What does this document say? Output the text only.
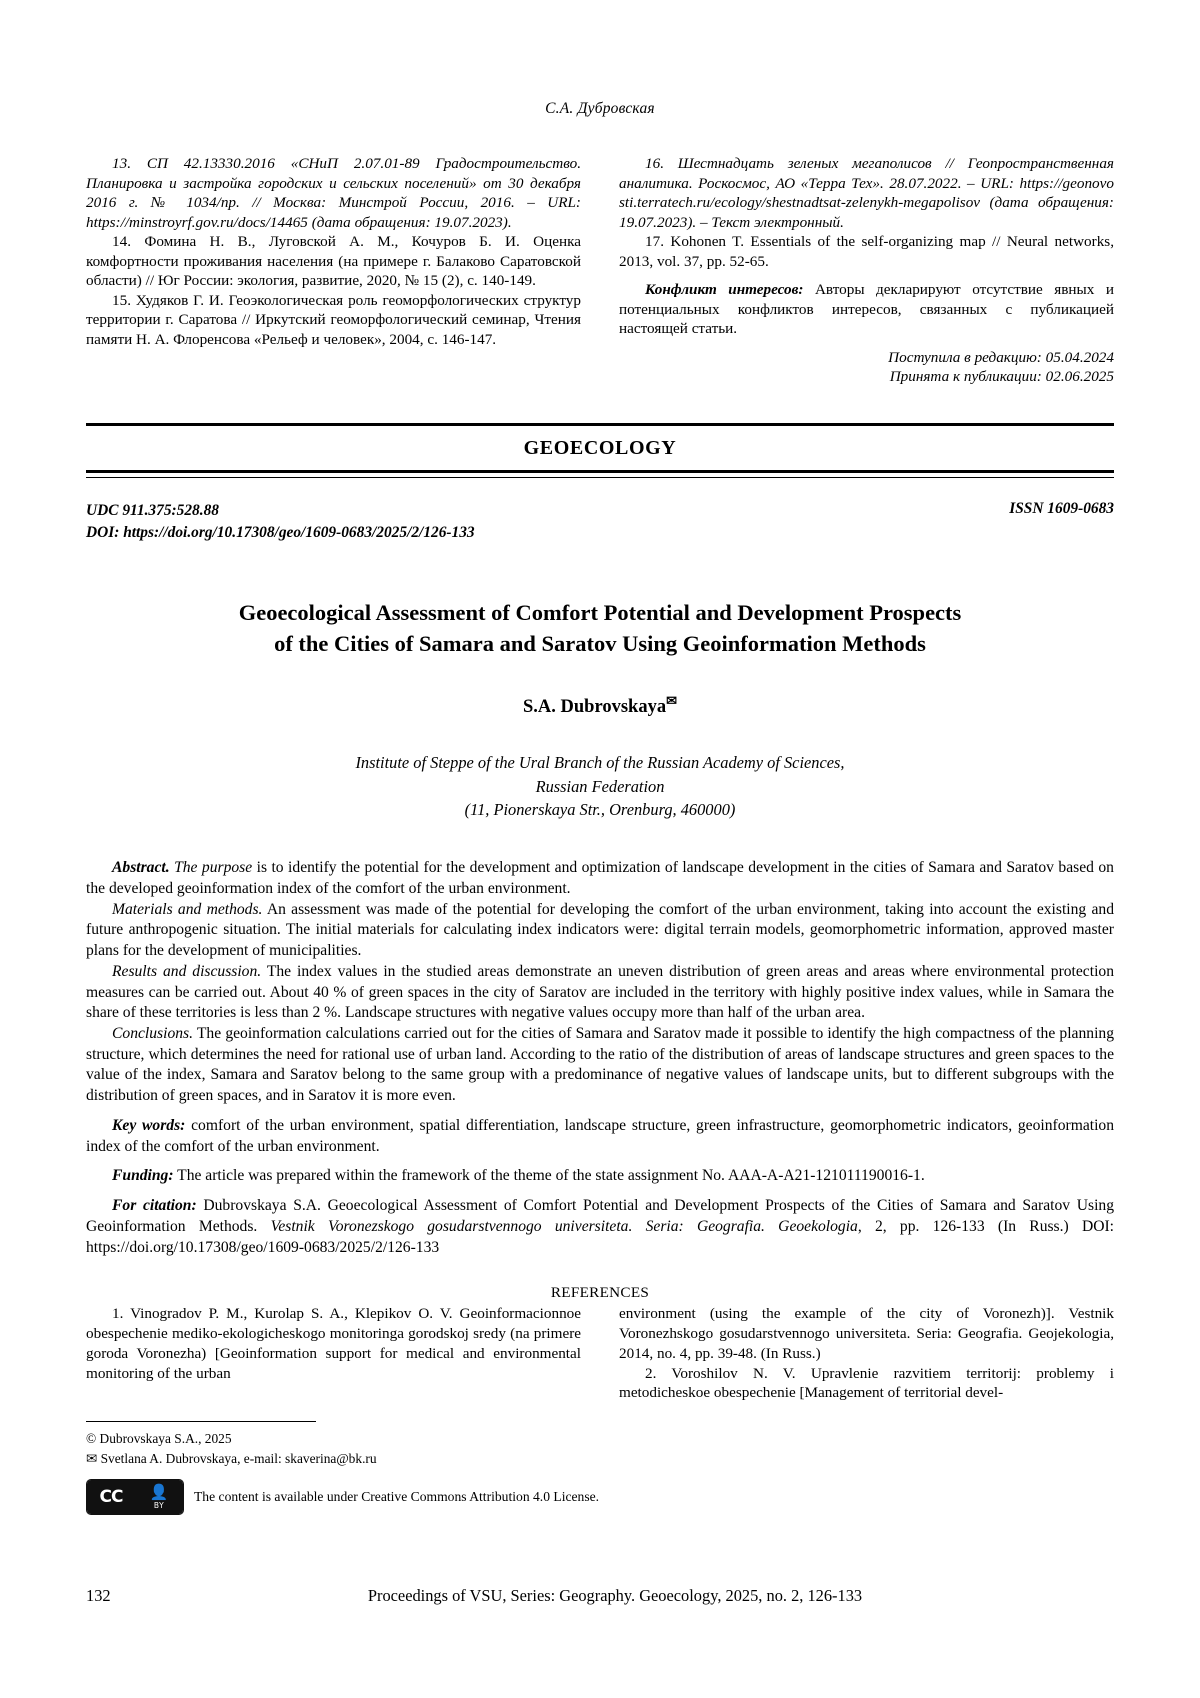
С.А. Дубровская

13. СП 42.13330.2016 «СНиП 2.07.01-89 Градостроительство. Планировка и застройка городских и сельских поселений» от 30 декабря 2016 г. № 1034/пр. // Москва: Минстрой России, 2016. – URL: https://minstroyrf.gov.ru/docs/14465 (дата обращения: 19.07.2023).

14. Фомина Н. В., Луговской А. М., Кочуров Б. И. Оценка комфортности проживания населения (на примере г. Балаково Саратовской области) // Юг России: экология, развитие, 2020, № 15 (2), с. 140-149.

15. Худяков Г. И. Геоэкологическая роль геоморфологических структур территории г. Саратова // Иркутский геоморфологический семинар, Чтения памяти Н. А. Флоренсова «Рельеф и человек», 2004, с. 146-147.

16. Шестнадцать зеленых мегаполисов // Геопространственная аналитика. Роскосмос, АО «Терра Тех». 28.07.2022. – URL: https://geonovo sti.terratech.ru/ecology/shestnadtsat-zelenykh-megapolisov (дата обращения: 19.07.2023). – Текст электронный.

17. Kohonen T. Essentials of the self-organizing map // Neural networks, 2013, vol. 37, pp. 52-65.

Конфликт интересов: Авторы декларируют отсутствие явных и потенциальных конфликтов интересов, связанных с публикацией настоящей статьи.

Поступила в редакцию: 05.04.2024

Принята к публикации: 02.06.2025

GEOECOLOGY
UDC 911.375:528.88
DOI: https://doi.org/10.17308/geo/1609-0683/2025/2/126-133
ISSN 1609-0683
Geoecological Assessment of Comfort Potential and Development Prospects
of the Cities of Samara and Saratov Using Geoinformation Methods
S.A. Dubrovskaya✉
Institute of Steppe of the Ural Branch of the Russian Academy of Sciences,
Russian Federation
(11, Pionerskaya Str., Orenburg, 460000)

Abstract. The purpose is to identify the potential for the development and optimization of landscape development in the cities of Samara and Saratov based on the developed geoinformation index of the comfort of the urban environment.

Materials and methods. An assessment was made of the potential for developing the comfort of the urban environment, taking into account the existing and future anthropogenic situation. The initial materials for calculating index indicators were: digital terrain models, geomorphometric information, approved master plans for the development of municipalities.

Results and discussion. The index values in the studied areas demonstrate an uneven distribution of green areas and areas where environmental protection measures can be carried out. About 40 % of green spaces in the city of Saratov are included in the territory with highly positive index values, while in Samara the share of these territories is less than 2 %. Landscape structures with negative values occupy more than half of the urban area.

Conclusions. The geoinformation calculations carried out for the cities of Samara and Saratov made it possible to identify the high compactness of the planning structure, which determines the need for rational use of urban land. According to the ratio of the distribution of areas of landscape structures and green spaces to the value of the index, Samara and Saratov belong to the same group with a predominance of negative values of landscape units, but to different subgroups with the distribution of green spaces, and in Saratov it is more even.

Key words: comfort of the urban environment, spatial differentiation, landscape structure, green infrastructure, geomorphometric indicators, geoinformation index of the comfort of the urban environment.

Funding: The article was prepared within the framework of the theme of the state assignment No. AAA-A-A21-121011190016-1.

For citation: Dubrovskaya S.A. Geoecological Assessment of Comfort Potential and Development Prospects of the Cities of Samara and Saratov Using Geoinformation Methods. Vestnik Voronezskogo gosudarstvennogo universiteta. Seria: Geografia. Geoekologia, 2, pp. 126-133 (In Russ.) DOI: https://doi.org/10.17308/geo/1609-0683/2025/2/126-133

REFERENCES

1. Vinogradov P. M., Kurolap S. A., Klepikov O. V. Geoinformacionnoe obespechenie mediko-ekologicheskogo monitoringa gorodskoj sredy (na primere goroda Voronezha) [Geoinformation support for medical and environmental monitoring of the urban

environment (using the example of the city of Voronezh)]. Vestnik Voronezhskogo gosudarstvennogo universiteta. Seria: Geografia. Geojekologia, 2014, no. 4, pp. 39-48. (In Russ.)

2. Voroshilov N. V. Upravlenie razvitiem territorij: problemy i metodicheskoe obespechenie [Management of territorial devel-

© Dubrovskaya S.A., 2025
✉ Svetlana A. Dubrovskaya, e-mail: skaverina@bk.ru
CC	👤
BY
The content is available under Creative Commons Attribution 4.0 License.
132	Proceedings of VSU, Series: Geography. Geoecology, 2025, no. 2, 126-133
